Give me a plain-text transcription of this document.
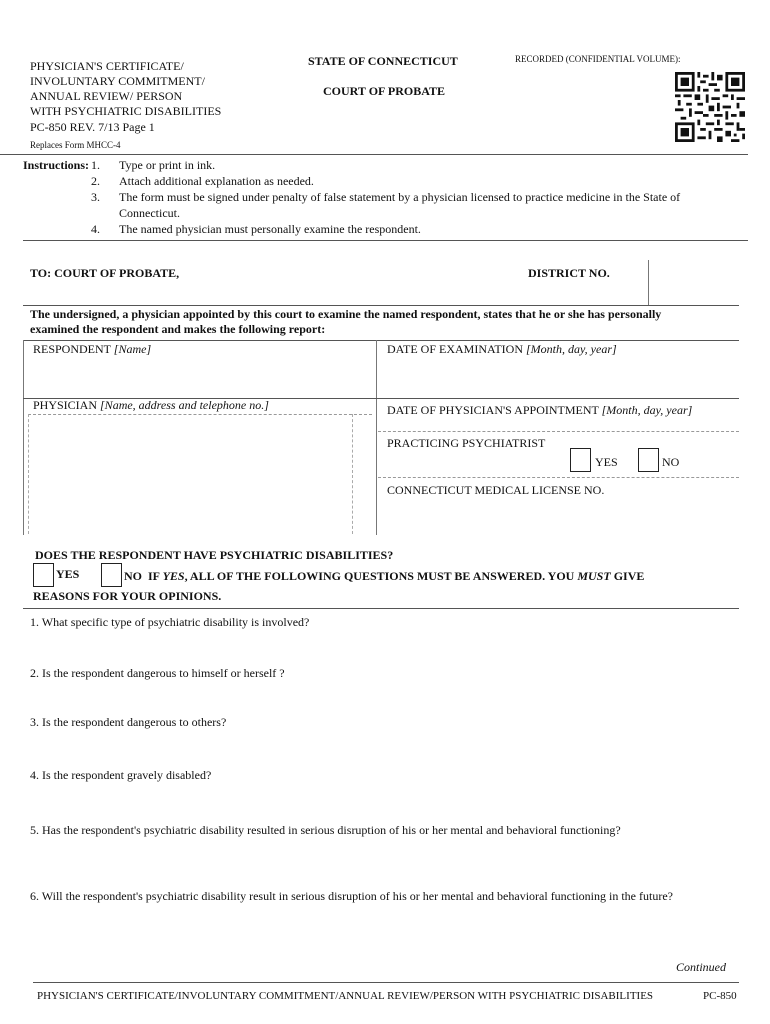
PHYSICIAN'S CERTIFICATE/
INVOLUNTARY COMMITMENT/
ANNUAL REVIEW/ PERSON
WITH PSYCHIATRIC DISABILITIES
PC-850 REV. 7/13 Page 1
Replaces Form MHCC-4
STATE OF CONNECTICUT
COURT OF PROBATE
RECORDED (CONFIDENTIAL VOLUME):
Instructions: 1. Type or print in ink.
2. Attach additional explanation as needed.
3. The form must be signed under penalty of false statement by a physician licensed to practice medicine in the State of
Connecticut.
4. The named physician must personally examine the respondent.
TO: COURT OF PROBATE,	DISTRICT NO.
The undersigned, a physician appointed by this court to examine the named respondent, states that he or she has personally
examined the respondent and makes the following report:
RESPONDENT [Name]	DATE OF EXAMINATION [Month, day, year]
PHYSICIAN [Name, address and telephone no.]	DATE OF PHYSICIAN'S APPOINTMENT [Month, day, year]
PRACTICING PSYCHIATRIST
YES	NO
CONNECTICUT MEDICAL LICENSE NO.
DOES THE RESPONDENT HAVE PSYCHIATRIC DISABILITIES?
YES	NO IF YES, ALL OF THE FOLLOWING QUESTIONS MUST BE ANSWERED. YOU MUST GIVE
REASONS FOR YOUR OPINIONS.
1. What specific type of psychiatric disability is involved?
2. Is the respondent dangerous to himself or herself ?
3. Is the respondent dangerous to others?
4. Is the respondent gravely disabled?
5. Has the respondent's psychiatric disability resulted in serious disruption of his or her mental and behavioral functioning?
6. Will the respondent's psychiatric disability result in serious disruption of his or her mental and behavioral functioning in the future?
Continued
PHYSICIAN'S CERTIFICATE/INVOLUNTARY COMMITMENT/ANNUAL REVIEW/PERSON WITH PSYCHIATRIC DISABILITIES	PC-850
